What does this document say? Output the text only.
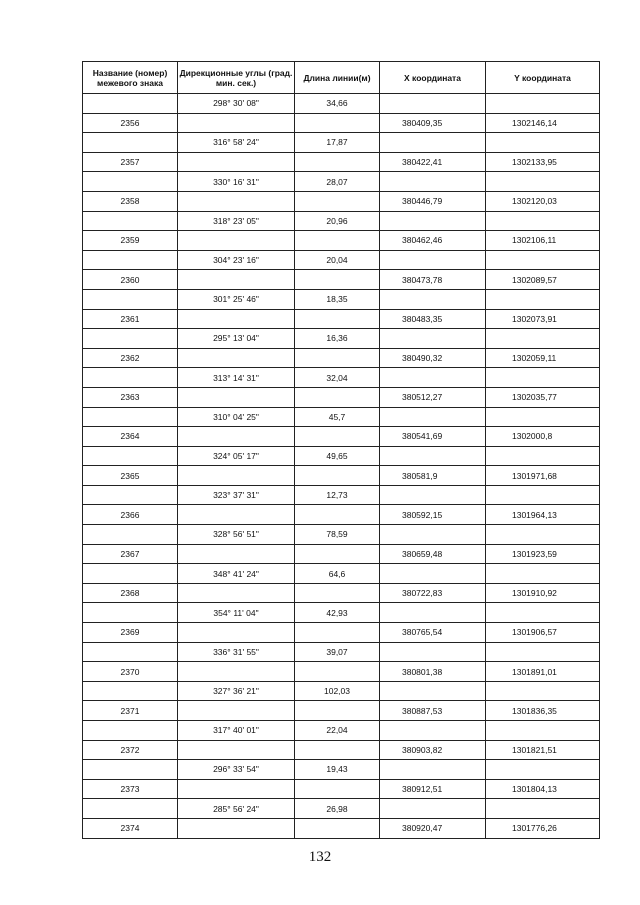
Название (номер) межевого знака	Дирекционные углы (град. мин. сек.)	Длина линии(м)	X координата	Y координата
	298° 30' 08"	34,66		
2356			380409,35	1302146,14
	316° 58' 24"	17,87		
2357			380422,41	1302133,95
	330° 16' 31"	28,07		
2358			380446,79	1302120,03
	318° 23' 05"	20,96		
2359			380462,46	1302106,11
	304° 23' 16"	20,04		
2360			380473,78	1302089,57
	301° 25' 46"	18,35		
2361			380483,35	1302073,91
	295° 13' 04"	16,36		
2362			380490,32	1302059,11
	313° 14' 31"	32,04		
2363			380512,27	1302035,77
	310° 04' 25"	45,7		
2364			380541,69	1302000,8
	324° 05' 17"	49,65		
2365			380581,9	1301971,68
	323° 37' 31"	12,73		
2366			380592,15	1301964,13
	328° 56' 51"	78,59		
2367			380659,48	1301923,59
	348° 41' 24"	64,6		
2368			380722,83	1301910,92
	354° 11' 04"	42,93		
2369			380765,54	1301906,57
	336° 31' 55"	39,07		
2370			380801,38	1301891,01
	327° 36' 21"	102,03		
2371			380887,53	1301836,35
	317° 40' 01"	22,04		
2372			380903,82	1301821,51
	296° 33' 54"	19,43		
2373			380912,51	1301804,13
	285° 56' 24"	26,98		
2374			380920,47	1301776,26
132
